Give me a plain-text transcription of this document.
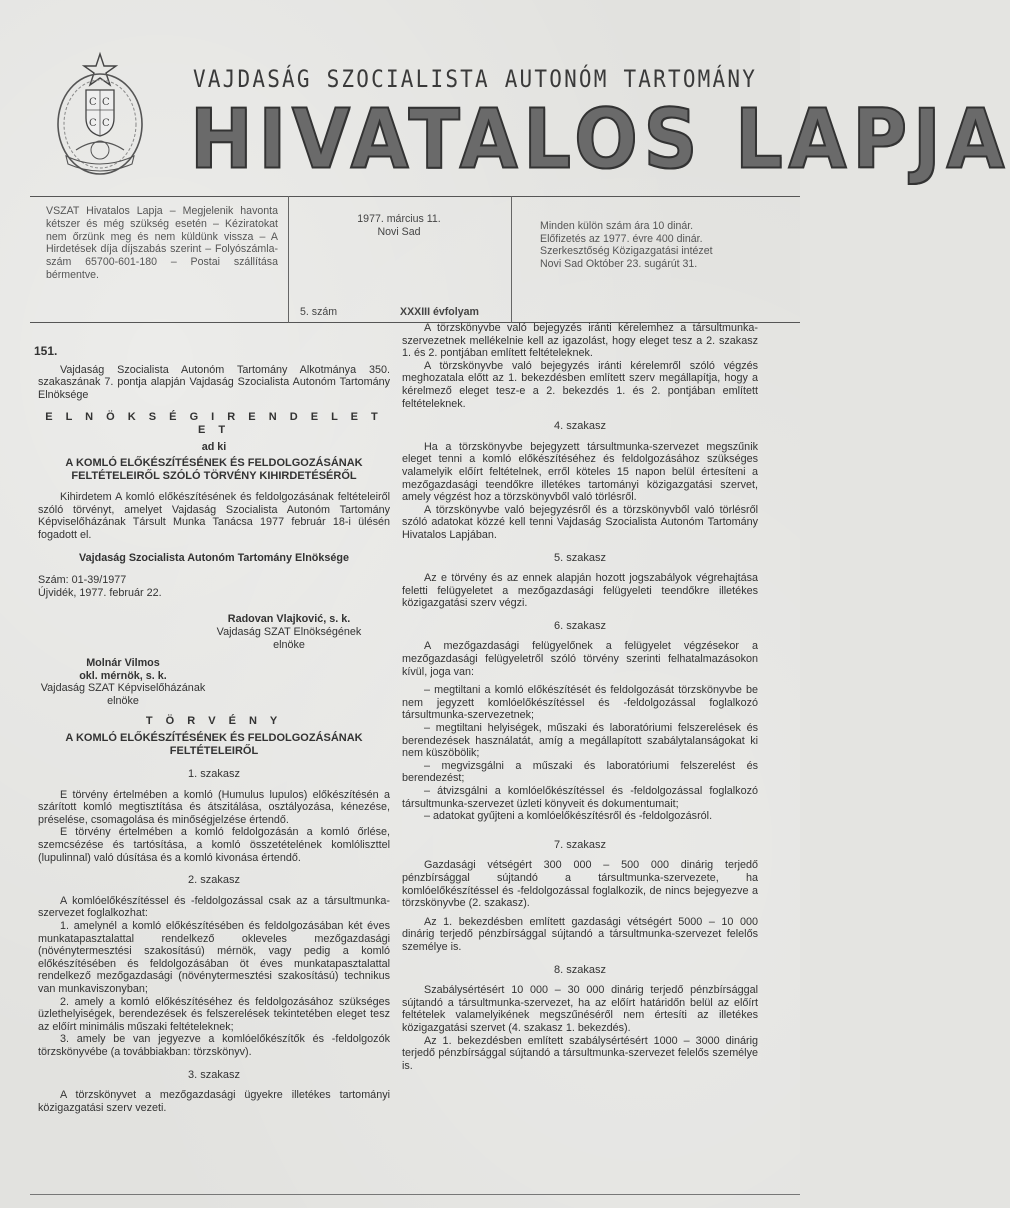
C C
C C
VAJDASÁG SZOCIALISTA AUTONÓM TARTOMÁNY
HIVATALOS LAPJA
VSZAT Hivatalos Lapja – Megjelenik havonta kétszer és még szükség esetén – Kéziratokat nem őrzünk meg és nem küldünk vissza – A Hirdetések díja díjszabás szerint – Folyószámla-szám 65700-601-180 – Postai szállítása bérmentve.
1977. március 11.
Novi Sad
5. szám	XXXIII évfolyam
Minden külön szám ára 10 dinár.
Előfizetés az 1977. évre 400 dinár.
Szerkesztőség Közigazgatási intézet
Novi Sad Október 23. sugárút 31.

151.

Vajdaság Szocialista Autonóm Tartomány Alkotmánya 350. szakaszának 7. pontja alapján Vajdaság Szocialista Autonóm Tartomány Elnöksége

E L N Ö K S É G I R E N D E L E T E T

ad ki

A KOMLÓ ELŐKÉSZÍTÉSÉNEK ÉS FELDOLGOZÁSÁNAK FELTÉTELEIRŐL SZÓLÓ TÖRVÉNY KIHIRDETÉSÉRŐL

Kihirdetem A komló előkészítésének és feldolgozásának feltételeiről szóló törvényt, amelyet Vajdaság Szocialista Autonóm Tartomány Képviselőházának Társult Munka Tanácsa 1977 február 18-i ülésén fogadott el.

Vajdaság Szocialista Autonóm Tartomány Elnöksége

Szám: 01-39/1977

Újvidék, 1977. február 22.

Radovan Vlajković, s. k.

Vajdaság SZAT Elnökségének

elnöke

Molnár Vilmos

okl. mérnök, s. k.

Vajdaság SZAT Képviselőházának

elnöke

T Ö R V É N Y

A KOMLÓ ELŐKÉSZÍTÉSÉNEK ÉS FELDOLGOZÁSÁNAK FELTÉTELEIRŐL

1. szakasz

E törvény értelmében a komló (Humulus lupulos) előkészítésén a szárított komló megtisztítása és átszitálása, osztályozása, kénezése, préselése, csomagolása és minőségjelzése értendő.

E törvény értelmében a komló feldolgozásán a komló őrlése, szemcsézése és tartósítása, a komló összetételének komlóliszttel (lupulinnal) való dúsítása és a komló kivonása értendő.

2. szakasz

A komlóelőkészítéssel és -feldolgozással csak az a társultmunka-szervezet foglalkozhat:

1. amelynél a komló előkészítésében és feldolgozásában két éves munkatapasztalattal rendelkező okleveles mezőgazdasági (növénytermesztési szakosítású) mérnök, vagy pedig a komló előkészítésében és feldolgozásában öt éves munkatapasztalattal rendelkező mezőgazdasági (növénytermesztési szakosítású) technikus van munkaviszonyban;

2. amely a komló előkészítéséhez és feldolgozásához szükséges üzlethelyiségek, berendezések és felszerelések tekintetében eleget tesz az előírt minimális műszaki feltételeknek;

3. amely be van jegyezve a komlóelőkészítők és -feldolgozók törzskönyvébe (a továbbiakban: törzskönyv).

3. szakasz

A törzskönyvet a mezőgazdasági ügyekre illetékes tartományi közigazgatási szerv vezeti.

A törzskönyvbe való bejegyzés iránti kérelemhez a társultmunka-szervezetnek mellékelnie kell az igazolást, hogy eleget tesz a 2. szakasz 1. és 2. pontjában említett feltételeknek.

A törzskönyvbe való bejegyzés iránti kérelemről szóló végzés meghozatala előtt az 1. bekezdésben említett szerv megállapítja, hogy a kérelmező eleget tesz-e a 2. bekezdés 1. és 2. pontjában említett feltételeknek.

4. szakasz

Ha a törzskönyvbe bejegyzett társultmunka-szervezet megszűnik eleget tenni a komló előkészítéséhez és feldolgozásához szükséges valamelyik előírt feltételnek, erről köteles 15 napon belül értesíteni a mezőgazdasági teendőkre illetékes tartományi közigazgatási szervet, amely végzést hoz a törzskönyvből való törlésről.

A törzskönyvbe való bejegyzésről és a törzskönyvből való törlésről szóló adatokat közzé kell tenni Vajdaság Szocialista Autonóm Tartomány Hivatalos Lapjában.

5. szakasz

Az e törvény és az ennek alapján hozott jogszabályok végrehajtása feletti felügyeletet a mezőgazdasági felügyeleti teendőkre illetékes közigazgatási szerv végzi.

6. szakasz

A mezőgazdasági felügyelőnek a felügyelet végzésekor a mezőgazdasági felügyeletről szóló törvény szerinti felhatalmazásokon kívül, joga van:

– megtiltani a komló előkészítését és feldolgozását törzskönyvbe be nem jegyzett komlóelőkészítéssel és -feldolgozással foglalkozó társultmunka-szervezetnek;

– megtiltani helyiségek, műszaki és laboratóriumi felszerelések és berendezések használatát, amíg a megállapított szabálytalanságokat ki nem küszöbölik;

– megvizsgálni a műszaki és laboratóriumi felszerelést és berendezést;

– átvizsgálni a komlóelőkészítéssel és -feldolgozással foglalkozó társultmunka-szervezet üzleti könyveit és dokumentumait;

– adatokat gyűjteni a komlóelőkészítésről és -feldolgozásról.

7. szakasz

Gazdasági vétségért 300 000 – 500 000 dinárig terjedő pénzbírsággal sújtandó a társultmunka-szervezete, ha komlóelőkészítéssel és -feldolgozással foglalkozik, de nincs bejegyezve a törzskönyvbe (2. szakasz).

Az 1. bekezdésben említett gazdasági vétségért 5000 – 10 000 dinárig terjedő pénzbírsággal sújtandó a társultmunka-szervezet felelős személye is.

8. szakasz

Szabálysértésért 10 000 – 30 000 dinárig terjedő pénzbírsággal sújtandó a társultmunka-szervezet, ha az előírt határidőn belül az előírt feltételek valamelyikének megszűnéséről nem értesíti az illetékes közigazgatási szervet (4. szakasz 1. bekezdés).

Az 1. bekezdésben említett szabálysértésért 1000 – 3000 dinárig terjedő pénzbírsággal sújtandó a társultmunka-szervezet felelős személye is.
